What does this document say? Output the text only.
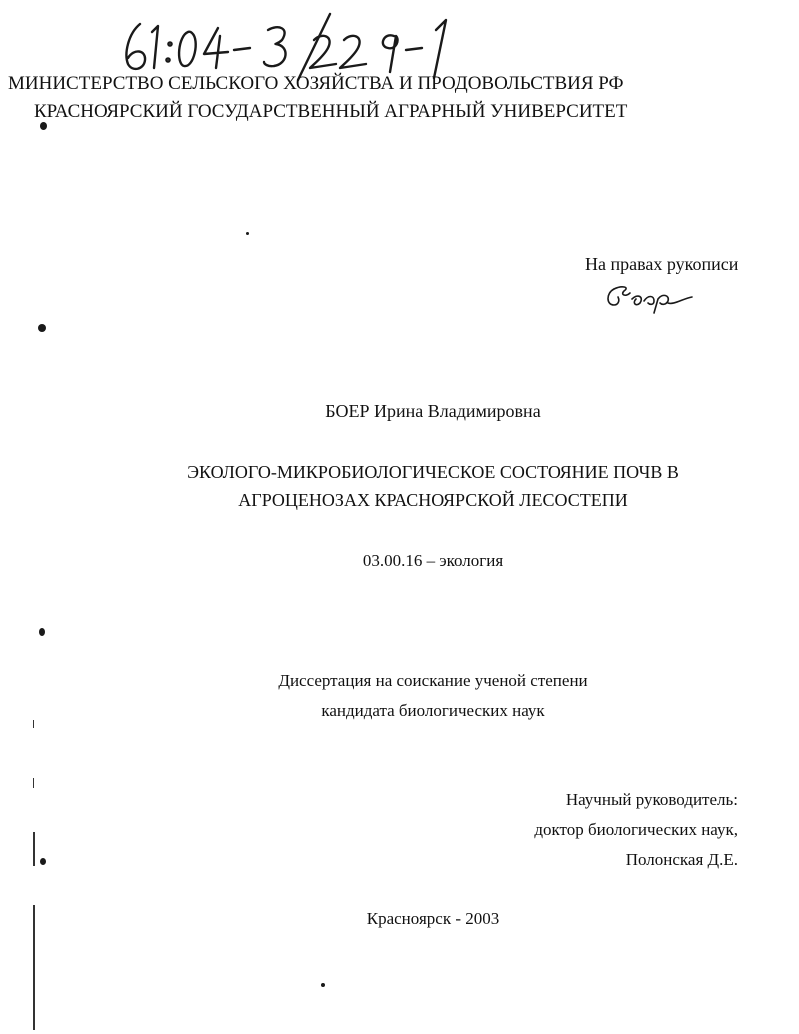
МИНИСТЕРСТВО СЕЛЬСКОГО ХОЗЯЙСТВА И ПРОДОВОЛЬСТВИЯ РФ
КРАСНОЯРСКИЙ ГОСУДАРСТВЕННЫЙ АГРАРНЫЙ УНИВЕРСИТЕТ
На правах рукописи
БОЕР Ирина Владимировна
ЭКОЛОГО-МИКРОБИОЛОГИЧЕСКОЕ СОСТОЯНИЕ ПОЧВ В
АГРОЦЕНОЗАХ КРАСНОЯРСКОЙ ЛЕСОСТЕПИ
03.00.16 – экология
Диссертация на соискание ученой степени
кандидата биологических наук
Научный руководитель:
доктор биологических наук,
Полонская Д.Е.
Красноярск - 2003
